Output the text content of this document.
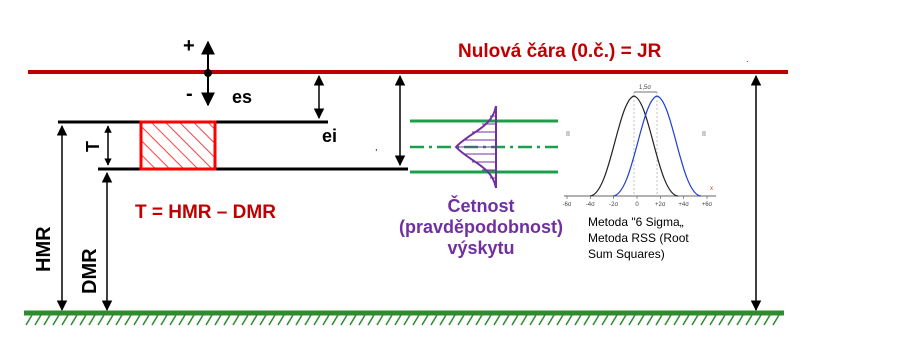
Nulová čára (0.č.) = JR	.
+
- es
ei
,
T
HMR DMR
T = HMR – DMR	Četnost
(pravděpodobnost)
výskytu
II	II
x
1,5σ
-6σ -4σ -2σ	0	+2σ +4σ +6σ
Metoda "6 Sigma„
Metoda RSS (Root
Sum Squares)
